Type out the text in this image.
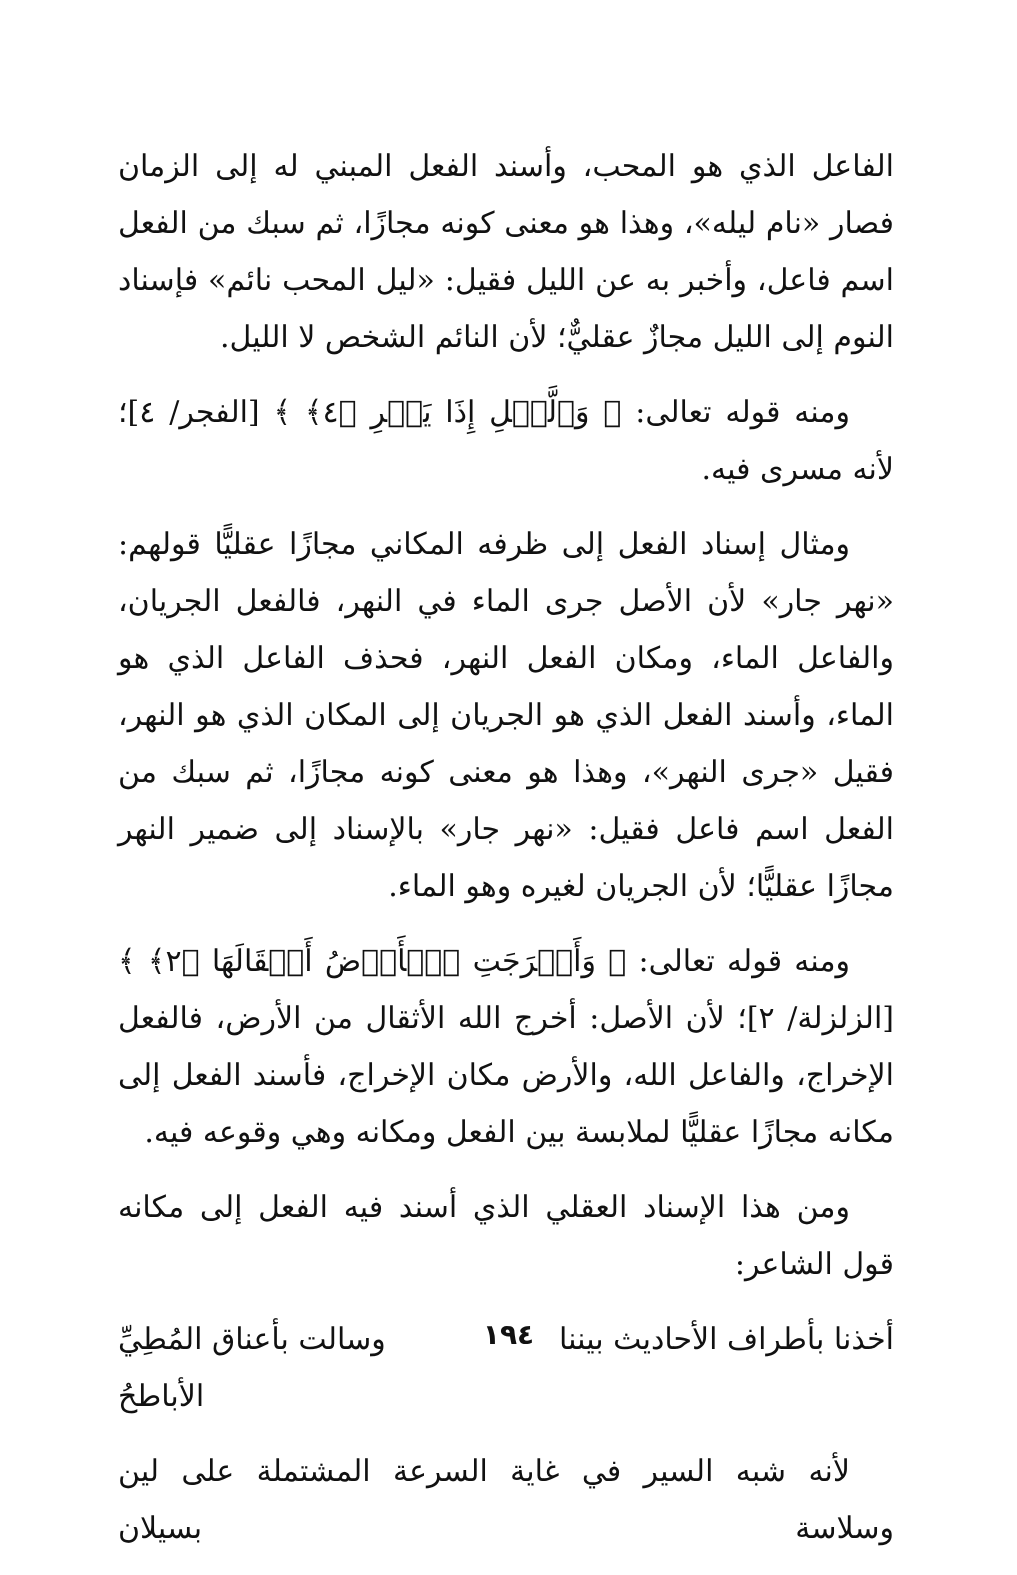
الفاعل الذي هو المحب، وأسند الفعل المبني له إلى الزمان فصار «نام ليله»، وهذا هو معنى كونه مجازًا، ثم سبك من الفعل اسم فاعل، وأخبر به عن الليل فقيل: «ليل المحب نائم» فإسناد النوم إلى الليل مجازٌ عقليٌّ؛ لأن النائم الشخص لا الليل.

ومنه قوله تعالى: ﴿ وَٱلَّيۡلِ إِذَا يَسۡرِ ﴿٤﴾ ﴾ [الفجر/ ٤]؛ لأنه مسرى فيه.

ومثال إسناد الفعل إلى ظرفه المكاني مجازًا عقليًّا قولهم: «نهر جار» لأن الأصل جرى الماء في النهر، فالفعل الجريان، والفاعل الماء، ومكان الفعل النهر، فحذف الفاعل الذي هو الماء، وأسند الفعل الذي هو الجريان إلى المكان الذي هو النهر، فقيل «جرى النهر»، وهذا هو معنى كونه مجازًا، ثم سبك من الفعل اسم فاعل فقيل: «نهر جار» بالإسناد إلى ضمير النهر مجازًا عقليًّا؛ لأن الجريان لغيره وهو الماء.

ومنه قوله تعالى: ﴿ وَأَخۡرَجَتِ ٱلۡأَرۡضُ أَثۡقَالَهَا ﴿٢﴾ ﴾ [الزلزلة/ ٢]؛ لأن الأصل: أخرج الله الأثقال من الأرض، فالفعل الإخراج، والفاعل الله، والأرض مكان الإخراج، فأسند الفعل إلى مكانه مجازًا عقليًّا لملابسة بين الفعل ومكانه وهي وقوعه فيه.

ومن هذا الإسناد العقلي الذي أسند فيه الفعل إلى مكانه قول الشاعر:

أخذنا بأطراف الأحاديث بيننا
وسالت بأعناق المُطِيِّ الأباطحُ

لأنه شبه السير في غاية السرعة المشتملة على لين وسلاسة بسيلان

١٩٤
